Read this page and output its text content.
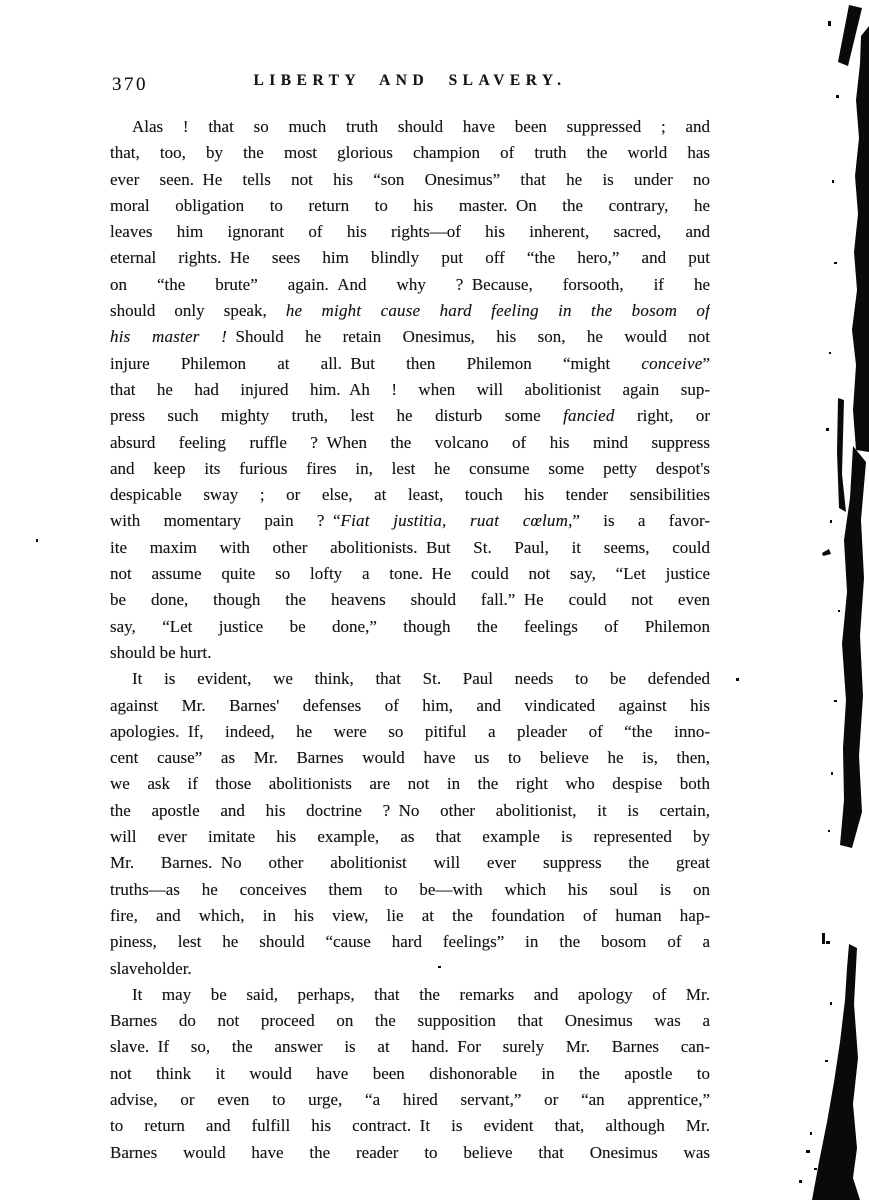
370	LIBERTY AND SLAVERY.
Alas ! that so much truth should have been suppressed ; and
that, too, by the most glorious champion of truth the world has
ever seen. He tells not his “son Onesimus” that he is under no
moral obligation to return to his master. On the contrary, he
leaves him ignorant of his rights—of his inherent, sacred, and
eternal rights. He sees him blindly put off “the hero,” and put
on “the brute” again. And why ? Because, forsooth, if he
should only speak, he might cause hard feeling in the bosom of
his master ! Should he retain Onesimus, his son, he would not
injure Philemon at all. But then Philemon “might conceive”
that he had injured him. Ah ! when will abolitionist again sup-
press such mighty truth, lest he disturb some fancied right, or
absurd feeling ruffle ? When the volcano of his mind suppress
and keep its furious fires in, lest he consume some petty despot's
despicable sway ; or else, at least, touch his tender sensibilities
with momentary pain ? “Fiat justitia, ruat cœlum,” is a favor-
ite maxim with other abolitionists. But St. Paul, it seems, could
not assume quite so lofty a tone. He could not say, “Let justice
be done, though the heavens should fall.” He could not even
say, “Let justice be done,” though the feelings of Philemon
should be hurt.
It is evident, we think, that St. Paul needs to be defended
against Mr. Barnes' defenses of him, and vindicated against his
apologies. If, indeed, he were so pitiful a pleader of “the inno-
cent cause” as Mr. Barnes would have us to believe he is, then,
we ask if those abolitionists are not in the right who despise both
the apostle and his doctrine ? No other abolitionist, it is certain,
will ever imitate his example, as that example is represented by
Mr. Barnes. No other abolitionist will ever suppress the great
truths—as he conceives them to be—with which his soul is on
fire, and which, in his view, lie at the foundation of human hap-
piness, lest he should “cause hard feelings” in the bosom of a
slaveholder.
It may be said, perhaps, that the remarks and apology of Mr.
Barnes do not proceed on the supposition that Onesimus was a
slave. If so, the answer is at hand. For surely Mr. Barnes can-
not think it would have been dishonorable in the apostle to
advise, or even to urge, “a hired servant,” or “an apprentice,”
to return and fulfill his contract. It is evident that, although Mr.
Barnes would have the reader to believe that Onesimus was
